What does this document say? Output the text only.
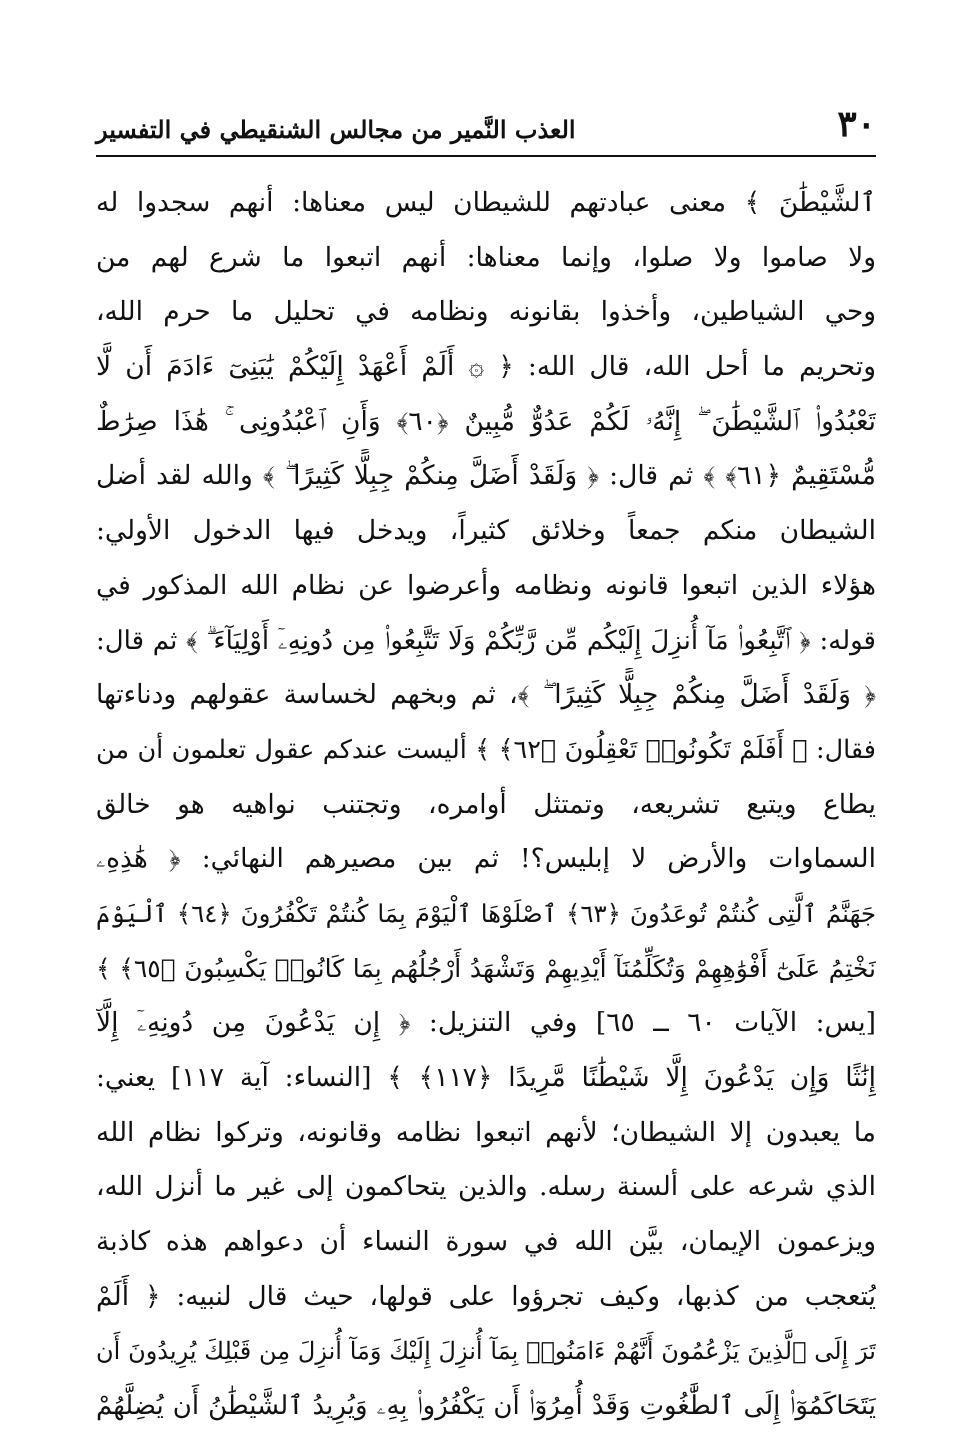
٣٠
العذب النَّمير من مجالس الشنقيطي في التفسير
ٱلشَّيْطَٰنَ ﴾ معنى عبادتهم للشيطان ليس معناها: أنهم سجدوا له
ولا صاموا ولا صلوا، وإنما معناها: أنهم اتبعوا ما شرع لهم من
وحي الشياطين، وأخذوا بقانونه ونظامه في تحليل ما حرم الله،
وتحريم ما أحل الله، قال الله: ﴿ ۞ أَلَمْ أَعْهَدْ إِلَيْكُمْ يَٰبَنِىٓ ءَادَمَ أَن لَّا
تَعْبُدُوا۟ ٱلشَّيْطَٰنَ ۖ إِنَّهُۥ لَكُمْ عَدُوٌّ مُّبِينٌ ﴿٦٠﴾ وَأَنِ ٱعْبُدُونِى ۚ هَٰذَا صِرَٰطٌ
مُّسْتَقِيمٌ ﴿٦١﴾ ﴾ ثم قال: ﴿ وَلَقَدْ أَضَلَّ مِنكُمْ جِبِلًّا كَثِيرًا ۖ ﴾ والله لقد أضل
الشيطان منكم جمعاً وخلائق كثيراً، ويدخل فيها الدخول الأولي:
هؤلاء الذين اتبعوا قانونه ونظامه وأعرضوا عن نظام الله المذكور في
قوله: ﴿ ٱتَّبِعُوا۟ مَآ أُنزِلَ إِلَيْكُم مِّن رَّبِّكُمْ وَلَا تَتَّبِعُوا۟ مِن دُونِهِۦٓ أَوْلِيَآءَ ۗ ﴾ ثم قال:
﴿ وَلَقَدْ أَضَلَّ مِنكُمْ جِبِلًّا كَثِيرًا ۖ ﴾، ثم وبخهم لخساسة عقولهم ودناءتها
فقال: ﴿ أَفَلَمْ تَكُونُوا۟ تَعْقِلُونَ ﴿٦٢﴾ ﴾ أليست عندكم عقول تعلمون أن من
يطاع ويتبع تشريعه، وتمتثل أوامره، وتجتنب نواهيه هو خالق
السماوات والأرض لا إبليس؟! ثم بين مصيرهم النهائي: ﴿ هَٰذِهِۦ
جَهَنَّمُ ٱلَّتِى كُنتُمْ تُوعَدُونَ ﴿٦٣﴾ ٱصْلَوْهَا ٱلْيَوْمَ بِمَا كُنتُمْ تَكْفُرُونَ ﴿٦٤﴾ ٱلْيَوْمَ
نَخْتِمُ عَلَىٰٓ أَفْوَٰهِهِمْ وَتُكَلِّمُنَآ أَيْدِيهِمْ وَتَشْهَدُ أَرْجُلُهُم بِمَا كَانُوا۟ يَكْسِبُونَ ﴿٦٥﴾ ﴾
[يس: الآيات ٦٠ ــ ٦٥] وفي التنزيل: ﴿ إِن يَدْعُونَ مِن دُونِهِۦٓ إِلَّآ
إِنَٰثًا وَإِن يَدْعُونَ إِلَّا شَيْطَٰنًا مَّرِيدًا ﴿١١٧﴾ ﴾ [النساء: آية ١١٧] يعني:
ما يعبدون إلا الشيطان؛ لأنهم اتبعوا نظامه وقانونه، وتركوا نظام الله
الذي شرعه على ألسنة رسله. والذين يتحاكمون إلى غير ما أنزل الله،
ويزعمون الإيمان، بيَّن الله في سورة النساء أن دعواهم هذه كاذبة
يُتعجب من كذبها، وكيف تجرؤوا على قولها، حيث قال لنبيه: ﴿ أَلَمْ
تَرَ إِلَى ٱلَّذِينَ يَزْعُمُونَ أَنَّهُمْ ءَامَنُوا۟ بِمَآ أُنزِلَ إِلَيْكَ وَمَآ أُنزِلَ مِن قَبْلِكَ يُرِيدُونَ أَن
يَتَحَاكَمُوٓا۟ إِلَى ٱلطَّٰغُوتِ وَقَدْ أُمِرُوٓا۟ أَن يَكْفُرُوا۟ بِهِۦ وَيُرِيدُ ٱلشَّيْطَٰنُ أَن يُضِلَّهُمْ
